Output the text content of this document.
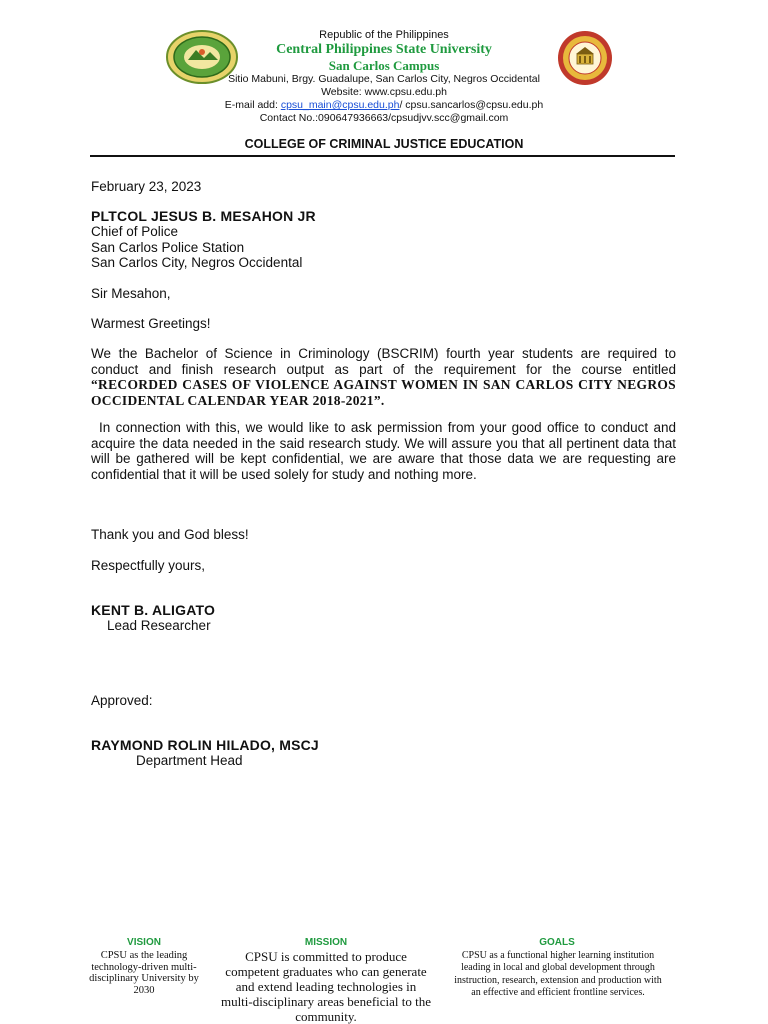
Republic of the Philippines
Central Philippines State University
San Carlos Campus
Sitio Mabuni, Brgy. Guadalupe, San Carlos City, Negros Occidental
Website: www.cpsu.edu.ph
E-mail add: cpsu_main@cpsu.edu.ph/ cpsu.sancarlos@cpsu.edu.ph
Contact No.:090647936663/cpsudjvv.scc@gmail.com
COLLEGE OF CRIMINAL JUSTICE EDUCATION
February 23, 2023
PLTCOL JESUS B. MESAHON JR
Chief of Police
San Carlos Police Station
San Carlos City, Negros Occidental
Sir Mesahon,
Warmest Greetings!
We the Bachelor of Science in Criminology (BSCRIM) fourth year students are required to conduct and finish research output as part of the requirement for the course entitled “RECORDED CASES OF VIOLENCE AGAINST WOMEN IN SAN CARLOS CITY NEGROS OCCIDENTAL CALENDAR YEAR 2018-2021”.
In connection with this, we would like to ask permission from your good office to conduct and acquire the data needed in the said research study. We will assure you that all pertinent data that will be gathered will be kept confidential, we are aware that those data we are requesting are confidential that it will be used solely for study and nothing more.
Thank you and God bless!
Respectfully yours,
KENT B. ALIGATO
Lead Researcher
Approved:
RAYMOND ROLIN HILADO, MSCJ
Department Head
VISION
CPSU as the leading technology-driven multi-disciplinary University by 2030
MISSION
CPSU is committed to produce competent graduates who can generate and extend leading technologies in multi-disciplinary areas beneficial to the community.
GOALS
CPSU as a functional higher learning institution leading in local and global development through instruction, research, extension and production with an effective and efficient frontline services.
